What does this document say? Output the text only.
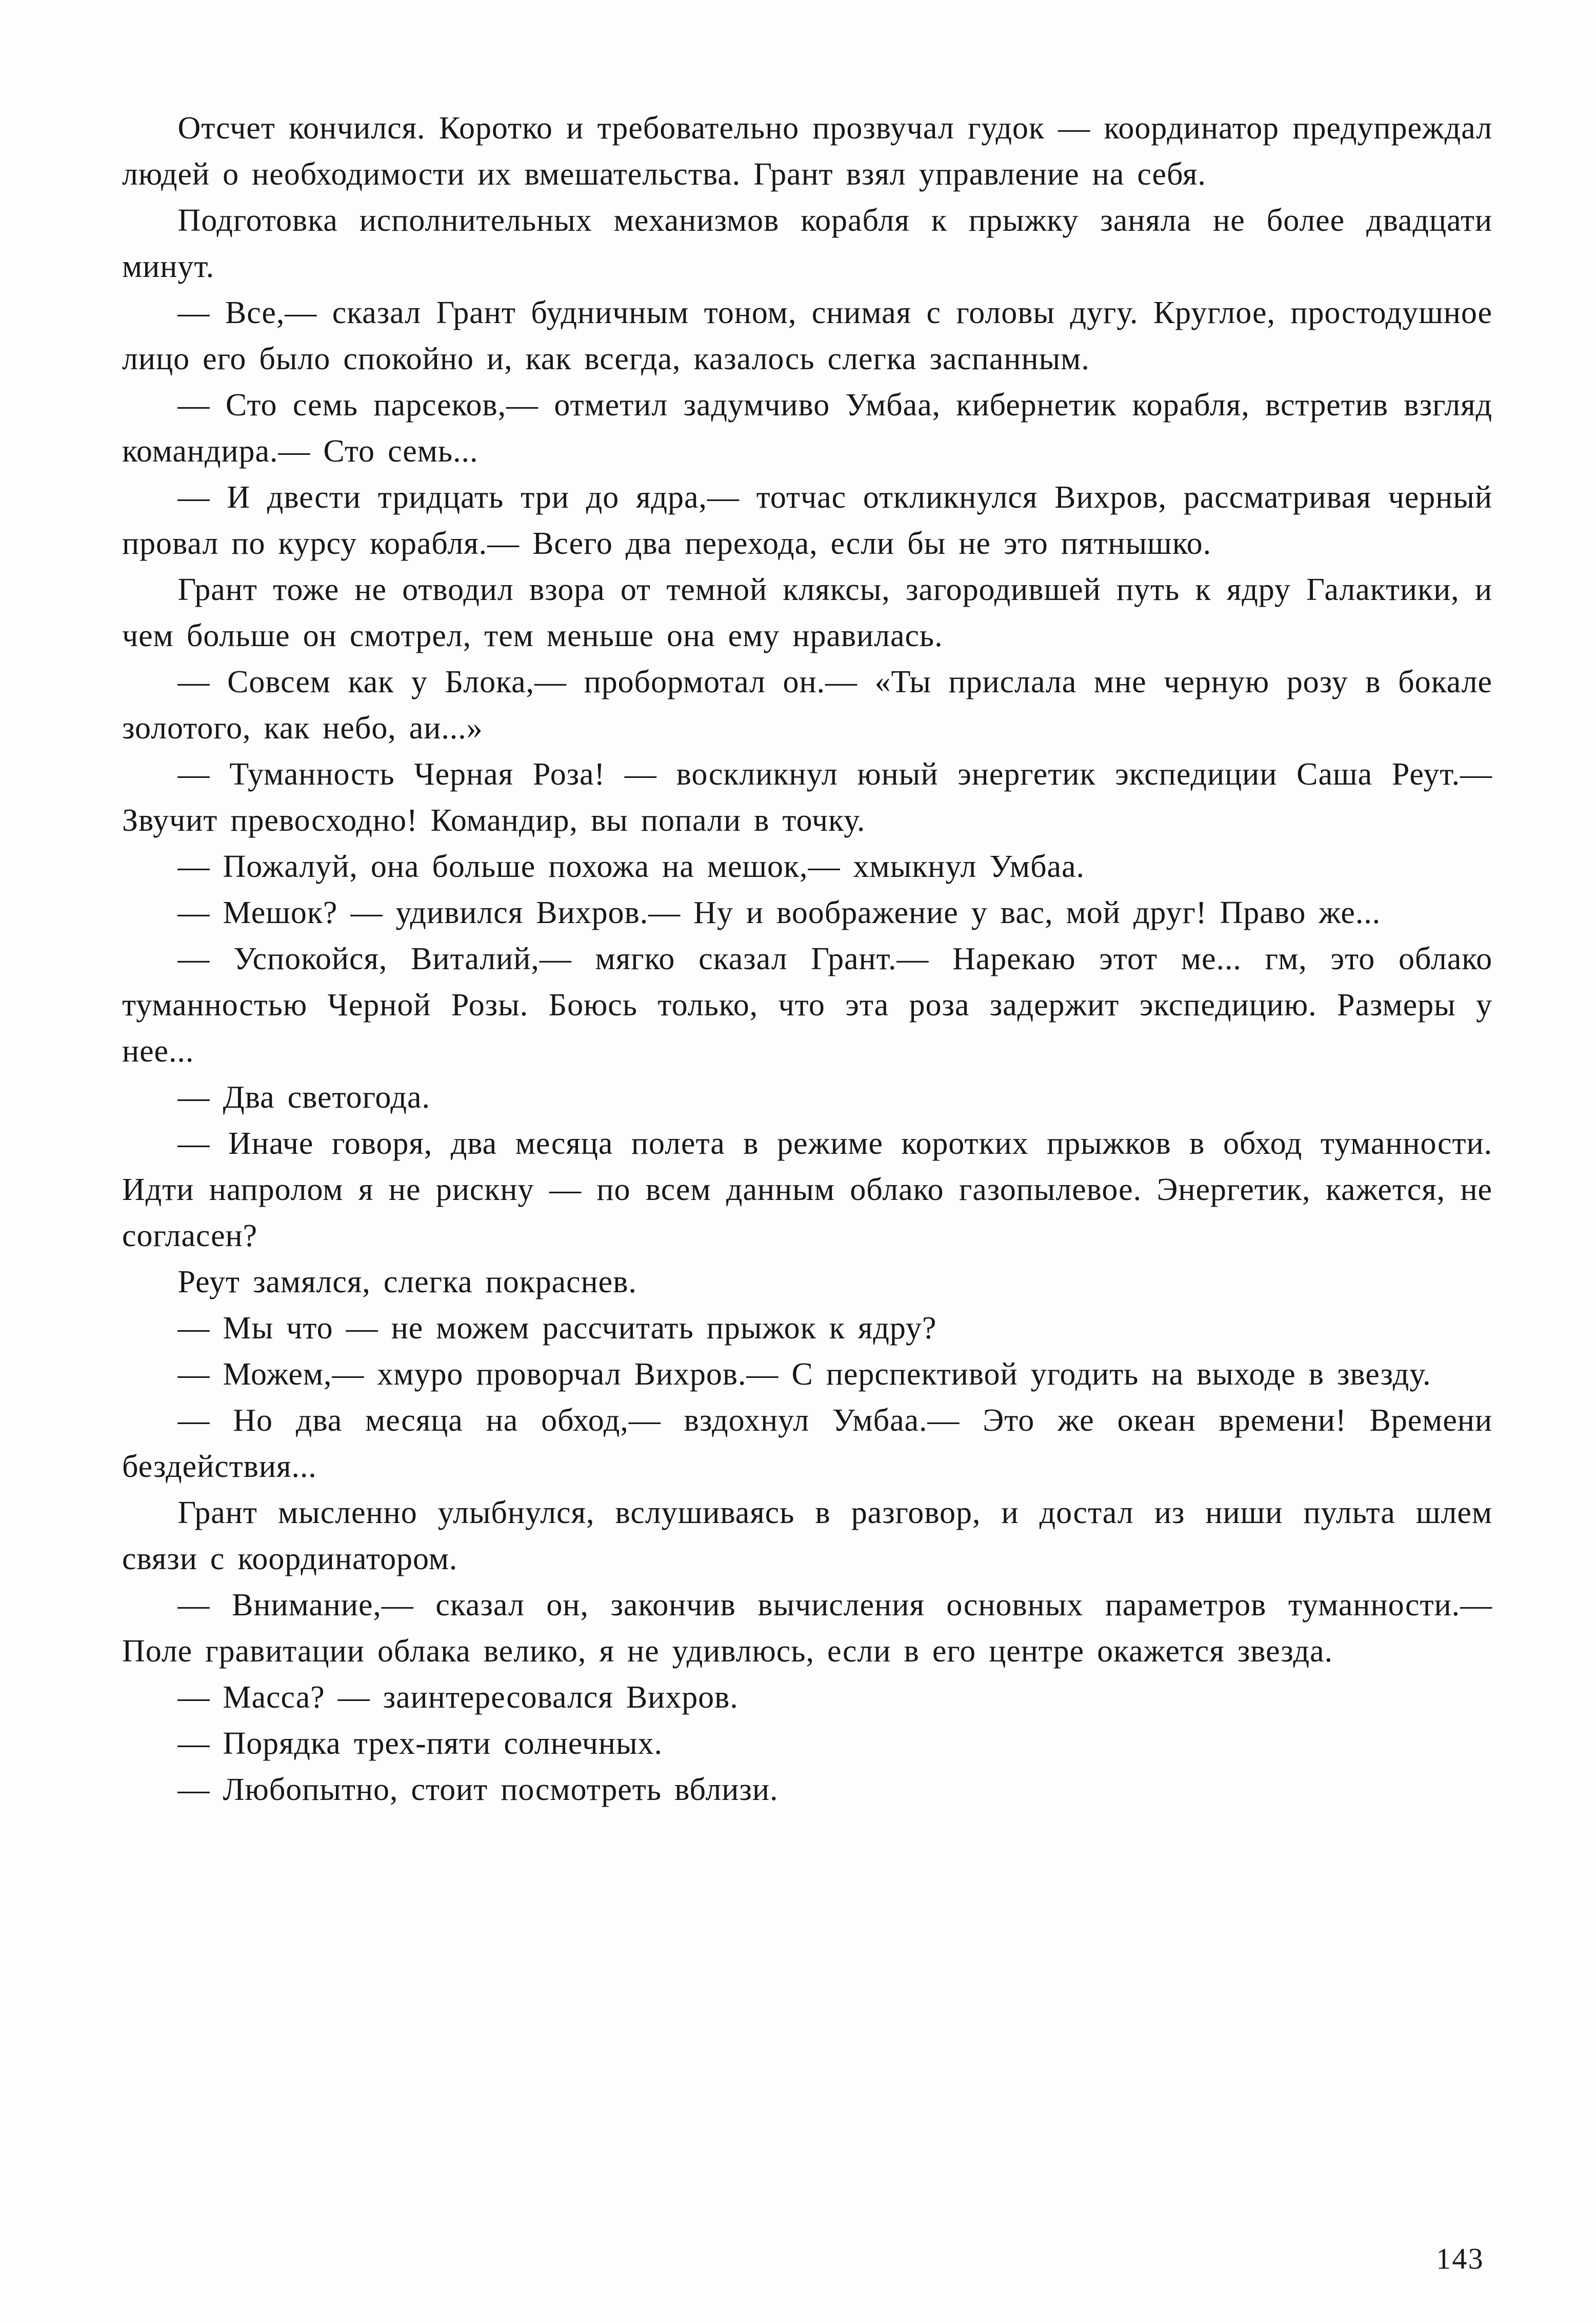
Отсчет кончился. Коротко и требовательно прозвучал гудок — координатор предупреждал людей о необходимости их вмешательства. Грант взял управление на себя.

Подготовка исполнительных механизмов корабля к прыжку заняла не более двадцати минут.

— Все,— сказал Грант будничным тоном, снимая с головы дугу. Круглое, простодушное лицо его было спокойно и, как всегда, казалось слегка заспанным.

— Сто семь парсеков,— отметил задумчиво Умбаа, кибернетик корабля, встретив взгляд командира.— Сто семь...

— И двести тридцать три до ядра,— тотчас откликнулся Вихров, рассматривая черный провал по курсу корабля.— Всего два перехода, если бы не это пятнышко.

Грант тоже не отводил взора от темной кляксы, загородившей путь к ядру Галактики, и чем больше он смотрел, тем меньше она ему нравилась.

— Совсем как у Блока,— пробормотал он.— «Ты прислала мне черную розу в бокале золотого, как небо, аи...»

— Туманность Черная Роза! — воскликнул юный энергетик экспедиции Саша Реут.— Звучит превосходно! Командир, вы попали в точку.

— Пожалуй, она больше похожа на мешок,— хмыкнул Умбаа.

— Мешок? — удивился Вихров.— Ну и воображение у вас, мой друг! Право же...

— Успокойся, Виталий,— мягко сказал Грант.— Нарекаю этот ме... гм, это облако туманностью Черной Розы. Боюсь только, что эта роза задержит экспедицию. Размеры у нее...

— Два светогода.

— Иначе говоря, два месяца полета в режиме коротких прыжков в обход туманности. Идти напролом я не рискну — по всем данным облако газопылевое. Энергетик, кажется, не согласен?

Реут замялся, слегка покраснев.

— Мы что — не можем рассчитать прыжок к ядру?

— Можем,— хмуро проворчал Вихров.— С перспективой угодить на выходе в звезду.

— Но два месяца на обход,— вздохнул Умбаа.— Это же океан времени! Времени бездействия...

Грант мысленно улыбнулся, вслушиваясь в разговор, и достал из ниши пульта шлем связи с координатором.

— Внимание,— сказал он, закончив вычисления основных параметров туманности.— Поле гравитации облака велико, я не удивлюсь, если в его центре окажется звезда.

— Масса? — заинтересовался Вихров.

— Порядка трех-пяти солнечных.

— Любопытно, стоит посмотреть вблизи.

143
